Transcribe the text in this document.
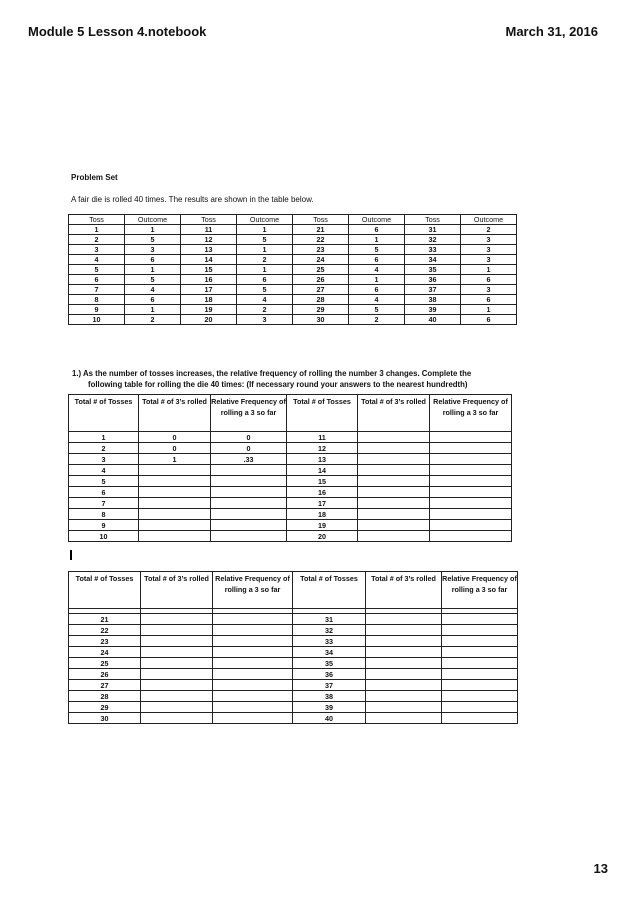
Module 5 Lesson 4.notebook	March 31, 2016
Problem Set
A fair die is rolled 40 times. The results are shown in the table below.
Toss	Outcome	Toss	Outcome	Toss	Outcome	Toss	Outcome
1	1	11	1	21	6	31	2
2	5	12	5	22	1	32	3
3	3	13	1	23	5	33	3
4	6	14	2	24	6	34	3
5	1	15	1	25	4	35	1
6	5	16	6	26	1	36	6
7	4	17	5	27	6	37	3
8	6	18	4	28	4	38	6
9	1	19	2	29	5	39	1
10	2	20	3	30	2	40	6
1.) As the number of tosses increases, the relative frequency of rolling the number 3 changes. Complete the
following table for rolling the die 40 times: (If necessary round your answers to the nearest hundredth)
Total # of Tosses	Total # of 3’s rolled	Relative Frequency of rolling a 3 so far	Total # of Tosses	Total # of 3’s rolled	Relative Frequency of rolling a 3 so far
1	0	0	11		
2	0	0	12		
3	1	.33	13		
4			14		
5			15		
6			16		
7			17		
8			18		
9			19		
10			20		
Total # of Tosses	Total # of 3’s rolled	Relative Frequency of rolling a 3 so far	Total # of Tosses	Total # of 3’s rolled	Relative Frequency of rolling a 3 so far

21			31		
22			32		
23			33		
24			34		
25			35		
26			36		
27			37		
28			38		
29			39		
30			40		
13
